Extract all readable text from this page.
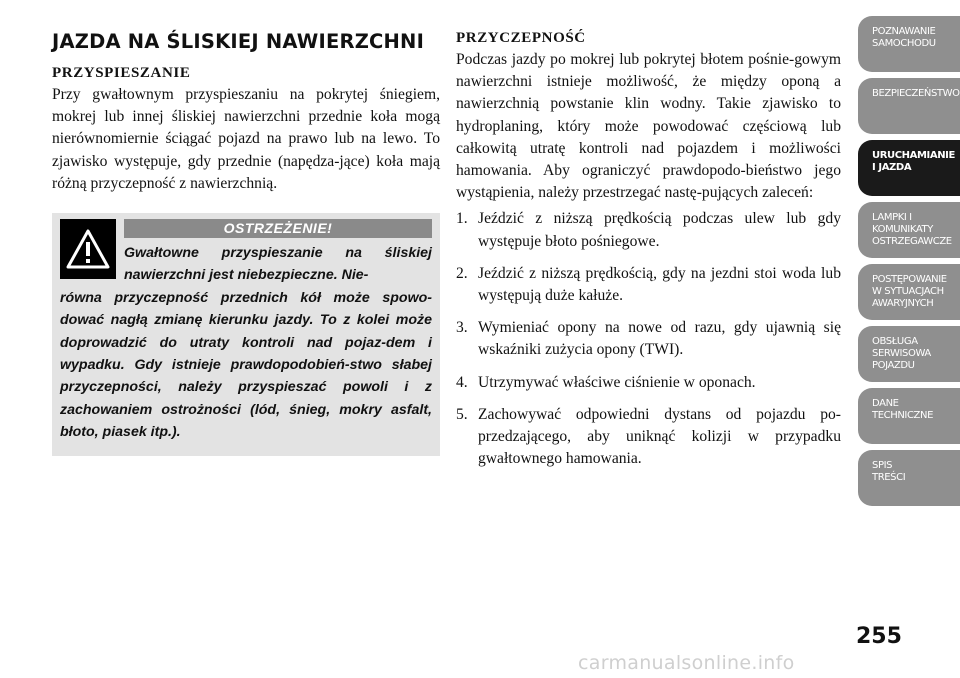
JAZDA NA ŚLISKIEJ NAWIERZCHNI
PRZYSPIESZANIE

Przy gwałtownym przyspieszaniu na pokrytej śniegiem, mokrej lub innej śliskiej nawierzchni przednie koła mogą nierównomiernie ściągać pojazd na prawo lub na lewo. To zjawisko występuje, gdy przednie (napędza-jące) koła mają różną przyczepność z nawierzchnią.

OSTRZEŻENIE!
Gwałtowne przyspieszanie na śliskiej nawierzchni jest niebezpieczne. Nie-

równa przyczepność przednich kół może spowo-dować nagłą zmianę kierunku jazdy. To z kolei może doprowadzić do utraty kontroli nad pojaz-dem i wypadku. Gdy istnieje prawdopodobień-stwo słabej przyczepności, należy przyspieszać powoli i z zachowaniem ostrożności (lód, śnieg, mokry asfalt, błoto, piasek itp.).

PRZYCZEPNOŚĆ

Podczas jazdy po mokrej lub pokrytej błotem pośnie-gowym nawierzchni istnieje możliwość, że między oponą a nawierzchnią powstanie klin wodny. Takie zjawisko to hydroplaning, który może powodować częściową lub całkowitą utratę kontroli nad pojazdem i możliwości hamowania. Aby ograniczyć prawdopodo-bieństwo jego wystąpienia, należy przestrzegać nastę-pujących zaleceń:

1. Jeździć z niższą prędkością podczas ulew lub gdy występuje błoto pośniegowe.
2. Jeździć z niższą prędkością, gdy na jezdni stoi woda lub występują duże kałuże.
3. Wymieniać opony na nowe od razu, gdy ujawnią się wskaźniki zużycia opony (TWI).
4. Utrzymywać właściwe ciśnienie w oponach.
5. Zachowywać odpowiedni dystans od pojazdu po-przedzającego, aby uniknąć kolizji w przypadku gwałtownego hamowania.
POZNAWANIE
SAMOCHODU
BEZPIECZEŃSTWO
URUCHAMIANIE
I JAZDA
LAMPKI I
KOMUNIKATY
OSTRZEGAWCZE
POSTĘPOWANIE
W SYTUACJACH
AWARYJNYCH
OBSŁUGA
SERWISOWA
POJAZDU
DANE
TECHNICZNE
SPIS
TREŚCI
255
carmanualsonline.info
